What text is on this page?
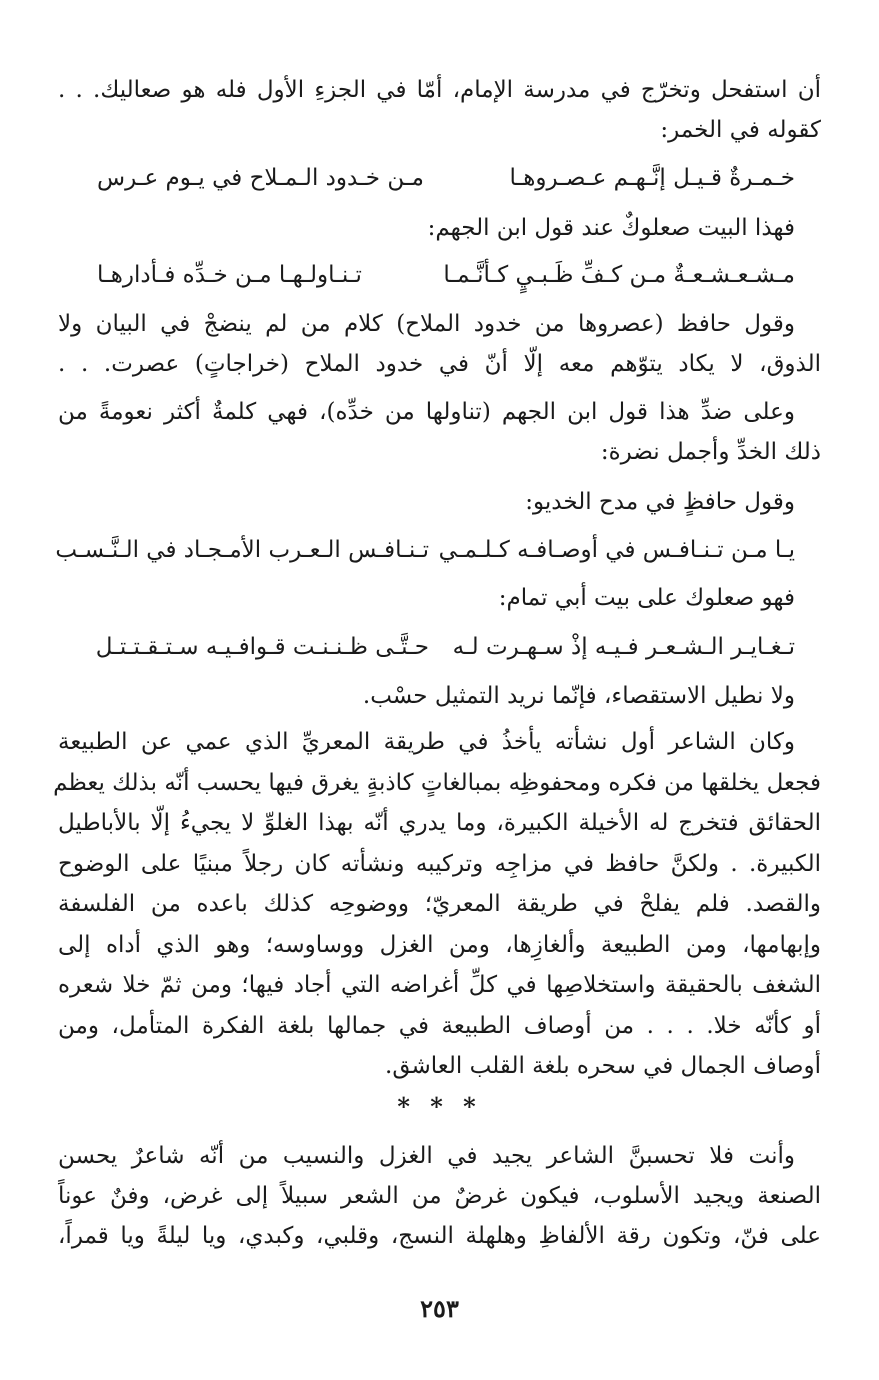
أن استفحل وتخرّج في مدرسة الإمام، أمّا في الجزءِ الأول فله هو صعاليك. . .
كقوله في الخمر:
خـمـرةٌ قـيـل إنَّـهـم عـصـروهـا
مـن خـدود الـمـلاح في يـوم عـرس
فهذا البيت صعلوكٌ عند قول ابن الجهم:
مـشـعـشـعـةٌ مـن كـفِّ ظَـبـيٍ كـأنَّـمـا
تـنـاولـهـا مـن خـدِّه فـأدارهـا
وقول حافظ (عصروها من خدود الملاح) كلام من لم ينضجْ في البيان ولا
الذوق، لا يكاد يتوّهم معه إلّا أنّ في خدود الملاح (خراجاتٍ) عصرت. . .
وعلى ضدِّ هذا قول ابن الجهم (تناولها من خدِّه)، فهي كلمةٌ أكثر نعومةً من
ذلك الخدِّ وأجمل نضرة:
وقول حافظٍ في مدح الخديو:
يـا مـن تـنـافـس في أوصـافـه كـلـمـي
تـنـافـس الـعـرب الأمـجـاد في الـنَّـسـب
فهو صعلوك على بيت أبي تمام:
تـغـايـر الـشـعـر فـيـه إذْ سـهـرت لـه
حـتَّـى ظـنـنـت قـوافـيـه سـتـقـتـتـل
ولا نطيل الاستقصاء، فإنّما نريد التمثيل حسْب.
وكان الشاعر أول نشأته يأخذُ في طريقة المعريِّ الذي عمي عن الطبيعة
فجعل يخلقها من فكره ومحفوظِه بمبالغاتٍ كاذبةٍ يغرق فيها يحسب أنّه بذلك يعظم
الحقائق فتخرج له الأخيلة الكبيرة، وما يدري أنّه بهذا الغلوِّ لا يجيءُ إلّا بالأباطيل
الكبيرة. . ولكنَّ حافظ في مزاجِه وتركيبه ونشأته كان رجلاً مبنيًا على الوضوح
والقصد. فلم يفلحْ في طريقة المعريّ؛ ووضوحِه كذلك باعده من الفلسفة
وإبهامها، ومن الطبيعة وألغازِها، ومن الغزل ووساوسه؛ وهو الذي أداه إلى
الشغف بالحقيقة واستخلاصِها في كلِّ أغراضه التي أجاد فيها؛ ومن ثمّ خلا شعره
أو كأنّه خلا. . . . من أوصاف الطبيعة في جمالها بلغة الفكرة المتأمل، ومن
أوصاف الجمال في سحره بلغة القلب العاشق.
* * *
وأنت فلا تحسبنَّ الشاعر يجيد في الغزل والنسيب من أنّه شاعرٌ يحسن
الصنعة ويجيد الأسلوب، فيكون غرضٌ من الشعر سبيلاً إلى غرض، وفنٌ عوناً
على فنّ، وتكون رقة الألفاظِ وهلهلة النسج، وقلبي، وكبدي، ويا ليلةً ويا قمراً،
٢٥٣
